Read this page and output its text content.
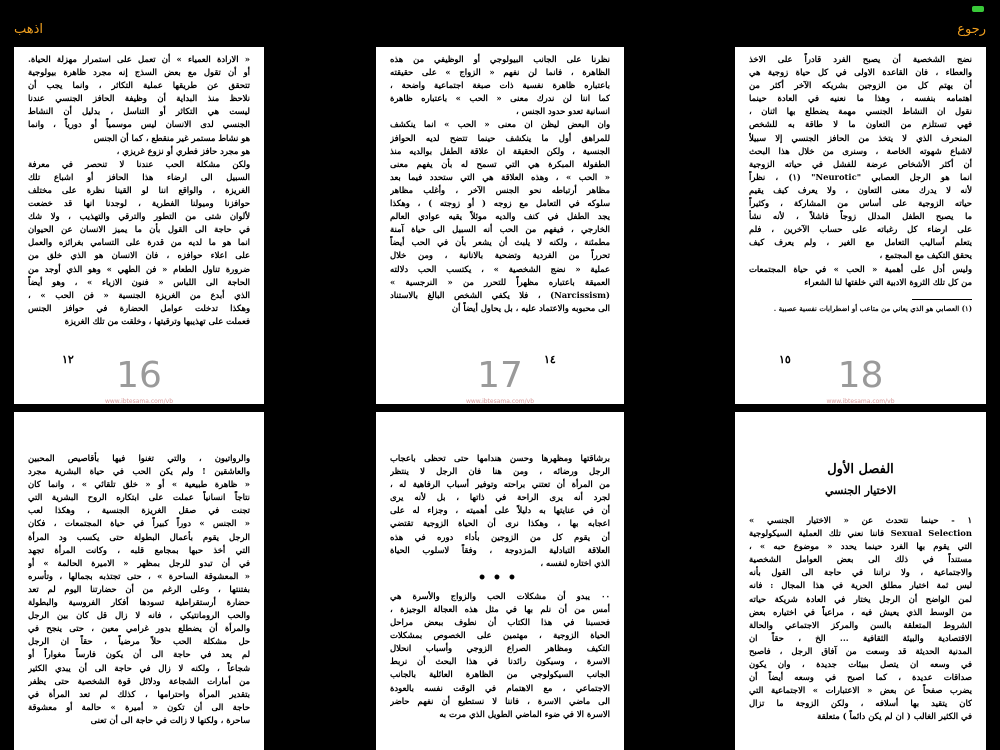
اذهب	رجوع
« الارادة العمياء » أن تعمل على استمرار مهزلة الحياة.
أو أن تقول مع بعض السذج إنه مجرد ظاهرة بيولوجية
تتحقق عن طريقها عملية التكاثر ، وانما يجب أن
نلاحظ منذ البداية أن وظيفة الحافز الجنسي عندنا
ليست هي التكاثر أو التناسل ، بدليل أن النشاط
الجنسي لدى الانسان ليس موسمياً أو دورياً ، وانما
هو نشاط مستمر غير منقطع ، كما أن الجنس
هو مجرد حافز فطري أو نزوع غريزي ،
ولكن مشكلة الحب عندنا لا تنحصر في معرفة
السبيل الى ارضاء هذا الحافز أو اشباع تلك
الغريزة ، والواقع اننا لو القينا نظرة على مختلف
حوافزنا وميولنا الفطرية ، لوجدنا انها قد خضعت
لألوان شتى من التطور والترقي والتهذيب ، ولا شك
في حاجة الى القول بأن ما يميز الانسان عن الحيوان
انما هو ما لديه من قدرة على التسامي بغرائزه والعمل
على اعلاء حوافزه ، فان الانسان هو الذي خلق من
ضرورة تناول الطعام « فن الطهي » وهو الذي أوجد من
الحاجة الى اللباس « فنون الازياء » ، وهو أيضاً
الذي أبدع من الغريزة الجنسية « فن الحب » ،
وهكذا تدخلت عوامل الحضارة في حوافز الجنس
فعملت على تهذيبها وترقيتها ، وخلقت من تلك الغريزة
١٢	16
www.ibtesama.com/vb
نظرنا على الجانب البيولوجي أو الوظيفي من هذه
الظاهرة ، فانما لن نفهم « الزواج » على حقيقته
باعتباره ظاهرة نفسية ذات صبغة اجتماعية واضحة ،
كما اننا لن ندرك معنى « الحب » باعتباره ظاهرة
انسانية تعدو حدود الجنس ،
وان البعض ليظن ان معنى « الحب » انما ينكشف
للمراهق أول ما ينكشف حينما تتضح لديه الحوافز
الجنسية ، ولكن الحقيقة ان علاقة الطفل بوالديه منذ
الطفولة المبكرة هي التي تسمح له بأن يفهم معنى
« الحب » ، وهذه العلاقة هي التي ستحدد فيما بعد
مظاهر أرتباطه نحو الجنس الآخر ، وأغلب مظاهر
سلوكه في التعامل مع زوجه ( أو زوجته ) ، وهكذا
يجد الطفل في كنف والديه موئلاً يقيه عوادي العالم
الخارجي ، فيفهم من الحب أنه السبيل الى حياة آمنة
مطمئنة ، ولكنه لا يلبث أن يشعر بأن في الحب أيضاً
تحرراً من الفردية وتضحية بالانانية ، ومن خلال
عملية « نضج الشخصية » ، يكتسب الحب دلالته
العميقة باعتباره مظهراً للتحرر من « النرجسية »
(Narcissism) ، فلا يكفي الشخص البالغ بالاستناد
الى محبوبه والاعتماد عليه ، بل يحاول أيضاً أن
١٤
17
www.ibtesama.com/vb
نضج الشخصية أن يصبح الفرد قادراً على الاخذ
والعطاء ، فان القاعدة الاولى في كل حياة زوجية هي
أن يهتم كل من الزوجين بشريكه الآخر أكثر من
اهتمامه بنفسه ، وهذا ما نعنيه في العادة حينما
نقول ان النشاط الجنسي مهمة يضطلع بها اثنان ،
فهي تستلزم من التعاون ما لا طاقة به للشخص
المنحرف الذي لا يتخذ من الحافز الجنسي إلا سبيلاً
لاشباع شهوته الخاصة ، وسنرى من خلال هذا البحث
أن أكثر الأشخاص عرضة للفشل في حياته الزوجية
انما هو الرجل العصابي "Neurotic" (١) ، نظراً
لأنه لا يدرك معنى التعاون ، ولا يعرف كيف يقيم
حياته الزوجية على أساس من المشاركة ، وكثيراً
ما يصبح الطفل المدلل زوجاً فاشلاً ، لأنه نشأ
على ارضاء كل رغباته على حساب الآخرين ، فلم
يتعلم أساليب التعامل مع الغير ، ولم يعرف كيف
يحقق التكيف مع المجتمع ،
وليس أدل على أهمية « الحب » في حياة المجتمعات
من كل تلك الثروة الادبية التي خلفتها لنا الشعراء
(١) العصابي هو الذي يعاني من متاعب أو اضطرابات نفسية عصبية .
١٥	18
www.ibtesama.com/vb
والرواتيون ، والتي تغنوا فيها بأقاصيص المحبين
والعاشقين ! ولم يكن الحب في حياة البشرية مجرد
« ظاهرة طبيعية » أو « خلق تلقائي » ، وانما كان
نتاجاً انسانياً عملت على ابتكاره الروح البشرية التي
تجنت في صقل الغريزة الجنسية ، وهكذا لعب
« الجنس » دوراً كبيراً في حياة المجتمعات ، فكان
الرجل يقوم بأعمال البطولة حتى يكسب ود المرأة
التي أخذ حبها بمجامع قلبه ، وكانت المرأة تجهد
في أن تبدو للرجل بمظهر « الاميرة الحالمة » أو
« المعشوقة الساحرة » ، حتى تجتذبه بجمالها ، وتأسره
بفتنتها ، وعلى الرغم من أن حضارتنا اليوم لم تعد
حضارة أرستقراطية تسودها أفكار الفروسية والبطولة
والحب الرومانتيكي ، فانه لا زال قل كان بين الرجل
والمرأة أن يضطلع بدور غرامي معين ، حتى ينجح في
حل مشكلة الحب حلاً مرضياً ، حقاً ان الرجل
لم يعد في حاجة الى أن يكون فارساً مغواراً أو
شجاعاً ، ولكنه لا زال في حاجة الى أن يبدي الكثير
من أمارات الشجاعة ودلائل قوة الشخصية حتى يظفر
بتقدير المرأة واحترامها ، كذلك لم تعد المرأة في
حاجة الى أن تكون « أميرة » حالمة أو معشوقة
ساحرة ، ولكنها لا زالت في حاجة الى أن تعنى
برشاقتها ومظهرها وحسن هندامها حتى تحظى باعجاب
الرجل ورضائه ، ومن هنا فان الرجل لا ينتظر
من المرأة أن تعتني براحته وتوفير أسباب الرفاهية له ،
لجرد أنه يرى الراحة في ذاتها ، بل لأنه يرى
أن في عنايتها به دليلاً على أهميته ، وجزاء له على
اعجابه بها ، وهكذا نرى أن الحياة الزوجية تقتضي
أن يقوم كل من الزوجين بأداء دوره في هذه
العلاقة التبادلية المزدوجة ، وفقاً لاسلوب الحياة
الذي اختاره لنفسه ،
•••
٠٠ يبدو أن مشكلات الحب والزواج والأسرة هي
أمس من أن نلم بها في مثل هذه العجالة الوجيزة ،
فحسبنا في هذا الكتاب أن نطوف ببعض مراحل
الحياة الزوجية ، مهتمين على الخصوص بمشكلات
التكيف ومظاهر الصراع الزوجي وأسباب انحلال
الاسرة ، وسيكون رائدنا في هذا البحث أن نربط
الجانب السيكولوجي من الظاهرة العائلية بالجانب
الاجتماعي ، مع الاهتمام في الوقت نفسه بالعودة
الى ماضي الاسرة ، فاننا لا نستطيع أن نفهم حاضر
الاسرة الا في ضوء الماضي الطويل الذي مرت به
الفصل الأول
الاختيار الجنسي
١ - حينما نتحدث عن « الاختيار الجنسي »
Sexual Selection فاننا نعني تلك العملية السيكولوجية
التي يقوم بها الفرد حينما يحدد « موضوع حبه » ،
مستنداً في ذلك الى بعض العوامل الشخصية
والاجتماعية ، ولا نراننا في حاجة الى القول بأنه
ليس ثمة اختيار مطلق الحرية في هذا المجال : فانه
لمن الواضح أن الرجل يختار في العادة شريكة حياته
من الوسط الذي يعيش فيه ، مراعياً في اختياره بعض
الشروط المتعلقة بالسن والمركز الاجتماعي والحالة
الاقتصادية والبيئة الثقافية ... الخ ، حقاً ان
المدنية الحديثة قد وسعت من آفاق الرجل ، فاصبح
في وسعه ان يتصل ببيئات جديدة ، وان يكون
صداقات عديدة ، كما اصبح في وسعه أيضاً أن
يضرب صفحاً عن بعض « الاعتبارات » الاجتماعية التي
كان يتقيد بها أسلافه ، ولكن الزوجة ما تزال
في الكثير الغالب ( ان لم يكن دائماً ) متعلقة
